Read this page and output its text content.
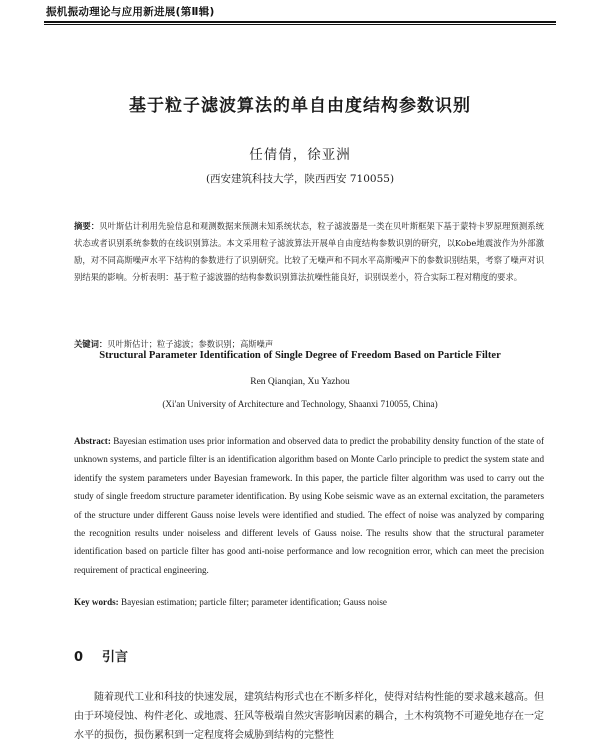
振机振动理论与应用新进展(第Ⅱ辑)
基于粒子滤波算法的单自由度结构参数识别
任倩倩，徐亚洲
(西安建筑科技大学，陕西西安 710055)
摘要：贝叶斯估计利用先验信息和观测数据来预测未知系统状态，粒子滤波器是一类在贝叶斯框架下基于蒙特卡罗原理预测系统状态或者识别系统参数的在线识别算法。本文采用粒子滤波算法开展单自由度结构参数识别的研究，以Kobe地震波作为外部激励，对不同高斯噪声水平下结构的参数进行了识别研究。比较了无噪声和不同水平高斯噪声下的参数识别结果，考察了噪声对识别结果的影响。分析表明：基于粒子滤波器的结构参数识别算法抗噪性能良好，识别误差小，符合实际工程对精度的要求。
关键词：贝叶斯估计；粒子滤波；参数识别；高斯噪声
Structural Parameter Identification of Single Degree of Freedom Based on Particle Filter
Ren Qianqian, Xu Yazhou
(Xi'an University of Architecture and Technology, Shaanxi 710055, China)
Abstract: Bayesian estimation uses prior information and observed data to predict the probability density function of the state of unknown systems, and particle filter is an identification algorithm based on Monte Carlo principle to predict the system state and identify the system parameters under Bayesian framework. In this paper, the particle filter algorithm was used to carry out the study of single freedom structure parameter identification. By using Kobe seismic wave as an external excitation, the parameters of the structure under different Gauss noise levels were identified and studied. The effect of noise was analyzed by comparing the recognition results under noiseless and different levels of Gauss noise. The results show that the structural parameter identification based on particle filter has good anti-noise performance and low recognition error, which can meet the precision requirement of practical engineering.
Key words: Bayesian estimation; particle filter; parameter identification; Gauss noise
0 引言
随着现代工业和科技的快速发展，建筑结构形式也在不断多样化，使得对结构性能的要求越来越高。但由于环境侵蚀、构件老化、或地震、狂风等极端自然灾害影响因素的耦合，土木构筑物不可避免地存在一定水平的损伤，损伤累积到一定程度将会威胁到结构的完整性
